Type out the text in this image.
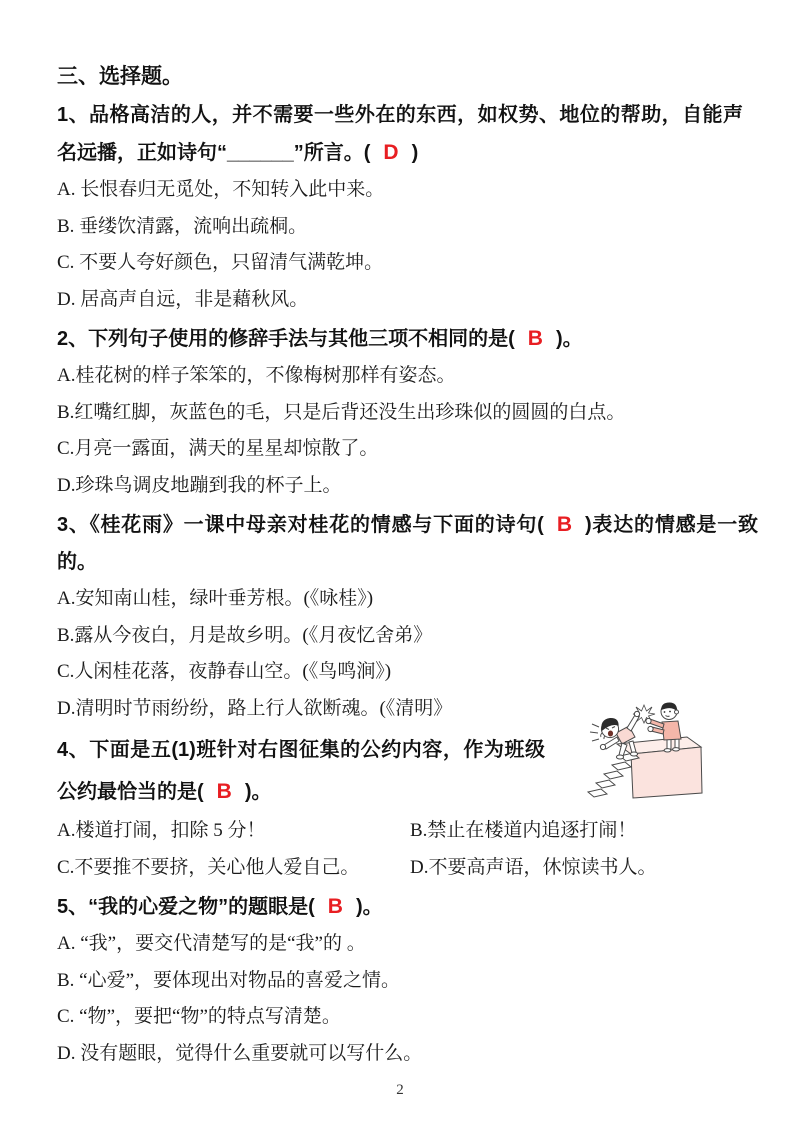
三、选择题。

1、品格高洁的人，并不需要一些外在的东西，如权势、地位的帮助，自能声名远播，正如诗句“______”所言。( D )

A. 长恨春归无觅处，不知转入此中来。

B. 垂缕饮清露，流响出疏桐。

C. 不要人夸好颜色，只留清气满乾坤。

D. 居高声自远，非是藉秋风。

2、下列句子使用的修辞手法与其他三项不相同的是( B )。

A.桂花树的样子笨笨的，不像梅树那样有姿态。

B.红嘴红脚，灰蓝色的毛，只是后背还没生出珍珠似的圆圆的白点。

C.月亮一露面，满天的星星却惊散了。

D.珍珠鸟调皮地蹦到我的杯子上。

3、《桂花雨》一课中母亲对桂花的情感与下面的诗句( B )表达的情感是一致的。

A.安知南山桂，绿叶垂芳根。(《咏桂》)

B.露从今夜白，月是故乡明。(《月夜忆舍弟》

C.人闲桂花落，夜静春山空。(《鸟鸣涧》)

D.清明时节雨纷纷，路上行人欲断魂。(《清明》

4、下面是五(1)班针对右图征集的公约内容，作为班级公约最恰当的是( B )。

A.楼道打闹，扣除 5 分！	B.禁止在楼道内追逐打闹！

C.不要推不要挤，关心他人爱自己。	D.不要高声语，休惊读书人。

5、“我的心爱之物”的题眼是( B )。

A. “我”，要交代清楚写的是“我”的 。

B. “心爱”，要体现出对物品的喜爱之情。

C. “物”，要把“物”的特点写清楚。

D. 没有题眼，觉得什么重要就可以写什么。

2
